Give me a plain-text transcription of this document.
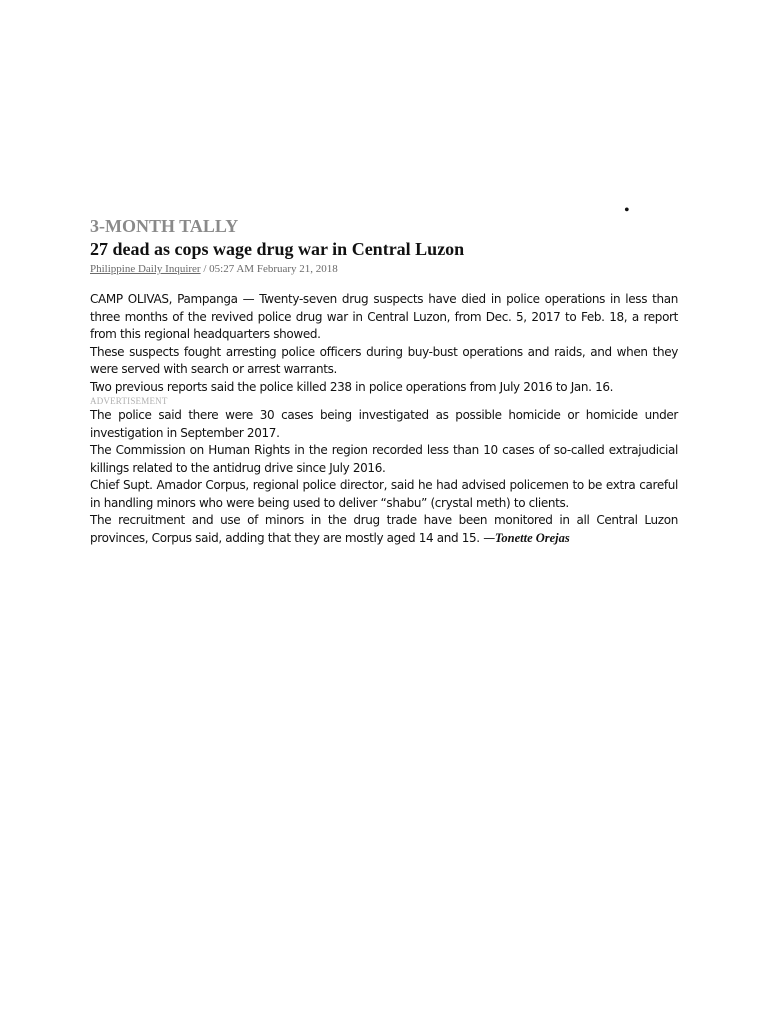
•
3-MONTH TALLY
27 dead as cops wage drug war in Central Luzon
Philippine Daily Inquirer / 05:27 AM February 21, 2018

CAMP OLIVAS, Pampanga — Twenty-seven drug suspects have died in police operations in less than three months of the revived police drug war in Central Luzon, from Dec. 5, 2017 to Feb. 18, a report from this regional headquarters showed.

These suspects fought arresting police officers during buy-bust operations and raids, and when they were served with search or arrest warrants.

Two previous reports said the police killed 238 in police operations from July 2016 to Jan. 16.

ADVERTISEMENT

The police said there were 30 cases being investigated as possible homicide or homicide under investigation in September 2017.

The Commission on Human Rights in the region recorded less than 10 cases of so-called extrajudicial killings related to the antidrug drive since July 2016.

Chief Supt. Amador Corpus, regional police director, said he had advised policemen to be extra careful in handling minors who were being used to deliver “shabu” (crystal meth) to clients.

The recruitment and use of minors in the drug trade have been monitored in all Central Luzon provinces, Corpus said, adding that they are mostly aged 14 and 15. —Tonette Orejas
